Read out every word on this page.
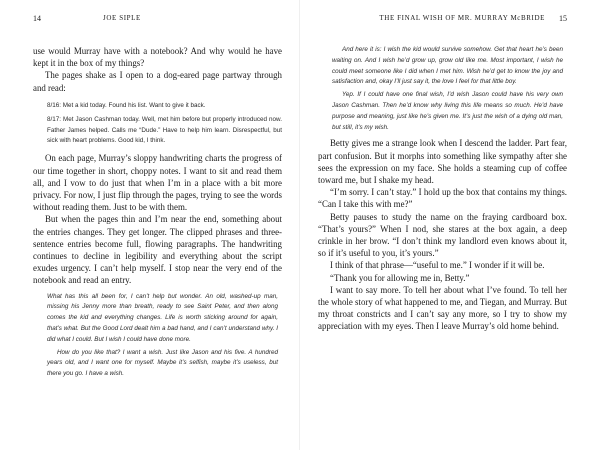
14	JOE SIPLE

use would Murray have with a notebook? And why would he have kept it in the box of my things?

The pages shake as I open to a dog-eared page partway through and read:

8/16: Met a kid today. Found his list. Want to give it back.

8/17: Met Jason Cashman today. Well, met him before but properly introduced now. Father James helped. Calls me “Dude.” Have to help him learn. Disrespectful, but sick with heart problems. Good kid, I think.

On each page, Murray’s sloppy handwriting charts the progress of our time together in short, choppy notes. I want to sit and read them all, and I vow to do just that when I’m in a place with a bit more privacy. For now, I just flip through the pages, trying to see the words without reading them. Just to be with them.

But when the pages thin and I’m near the end, something about the entries changes. They get longer. The clipped phrases and three-sentence entries become full, flowing paragraphs. The handwriting continues to decline in legibility and everything about the script exudes urgency. I can’t help myself. I stop near the very end of the notebook and read an entry.

What has this all been for, I can’t help but wonder. An old, washed-up man, missing his Jenny more than breath, ready to see Saint Peter, and then along comes the kid and everything changes. Life is worth sticking around for again, that’s what. But the Good Lord dealt him a bad hand, and I can’t understand why. I did what I could. But I wish I could have done more.

How do you like that? I want a wish. Just like Jason and his five. A hundred years old, and I want one for myself. Maybe it’s selfish, maybe it’s useless, but there you go. I have a wish.

THE FINAL WISH OF MR. MURRAY McBRIDE 15

And here it is: I wish the kid would survive somehow. Get that heart he’s been waiting on. And I wish he’d grow up, grow old like me. Most important, I wish he could meet someone like I did when I met him. Wish he’d get to know the joy and satisfaction and, okay I’ll just say it, the love I feel for that little boy.

Yep. If I could have one final wish, I’d wish Jason could have his very own Jason Cashman. Then he’d know why living this life means so much. He’d have purpose and meaning, just like he’s given me. It’s just the wish of a dying old man, but still, it’s my wish.

Betty gives me a strange look when I descend the ladder. Part fear, part confusion. But it morphs into something like sympathy after she sees the expression on my face. She holds a steaming cup of coffee toward me, but I shake my head.

“I’m sorry. I can’t stay.” I hold up the box that contains my things. “Can I take this with me?”

Betty pauses to study the name on the fraying cardboard box. “That’s yours?” When I nod, she stares at the box again, a deep crinkle in her brow. “I don’t think my landlord even knows about it, so if it’s useful to you, it’s yours.”

I think of that phrase—“useful to me.” I wonder if it will be.

“Thank you for allowing me in, Betty.”

I want to say more. To tell her about what I’ve found. To tell her the whole story of what happened to me, and Tiegan, and Murray. But my throat constricts and I can’t say any more, so I try to show my appreciation with my eyes. Then I leave Murray’s old home behind.
